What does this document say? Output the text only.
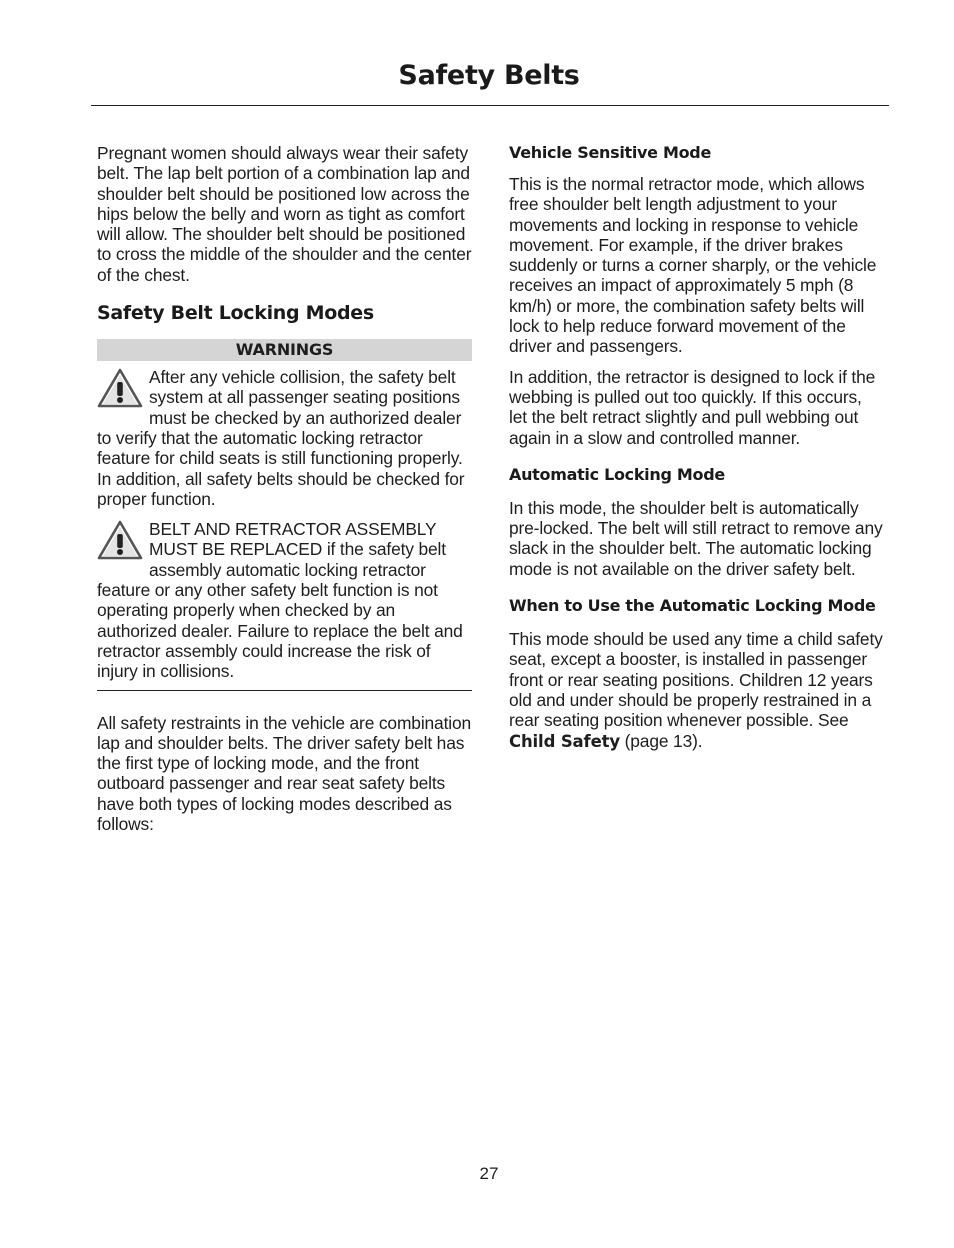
Safety Belts

Pregnant women should always wear their safety belt. The lap belt portion of a combination lap and shoulder belt should be positioned low across the hips below the belly and worn as tight as comfort will allow. The shoulder belt should be positioned to cross the middle of the shoulder and the center of the chest.

Safety Belt Locking Modes
WARNINGS

After any vehicle collision, the safety belt system at all passenger seating positions must be checked by an authorized dealer to verify that the automatic locking retractor feature for child seats is still functioning properly. In addition, all safety belts should be checked for proper function.

BELT AND RETRACTOR ASSEMBLY MUST BE REPLACED if the safety belt assembly automatic locking retractor feature or any other safety belt function is not operating properly when checked by an authorized dealer. Failure to replace the belt and retractor assembly could increase the risk of injury in collisions.

All safety restraints in the vehicle are combination lap and shoulder belts. The driver safety belt has the first type of locking mode, and the front outboard passenger and rear seat safety belts have both types of locking modes described as follows:

Vehicle Sensitive Mode

This is the normal retractor mode, which allows free shoulder belt length adjustment to your movements and locking in response to vehicle movement. For example, if the driver brakes suddenly or turns a corner sharply, or the vehicle receives an impact of approximately 5 mph (8 km/h) or more, the combination safety belts will lock to help reduce forward movement of the driver and passengers.

In addition, the retractor is designed to lock if the webbing is pulled out too quickly. If this occurs, let the belt retract slightly and pull webbing out again in a slow and controlled manner.

Automatic Locking Mode

In this mode, the shoulder belt is automatically pre-locked. The belt will still retract to remove any slack in the shoulder belt. The automatic locking mode is not available on the driver safety belt.

When to Use the Automatic Locking Mode

This mode should be used any time a child safety seat, except a booster, is installed in passenger front or rear seating positions. Children 12 years old and under should be properly restrained in a rear seating position whenever possible. See Child Safety (page 13).

27
